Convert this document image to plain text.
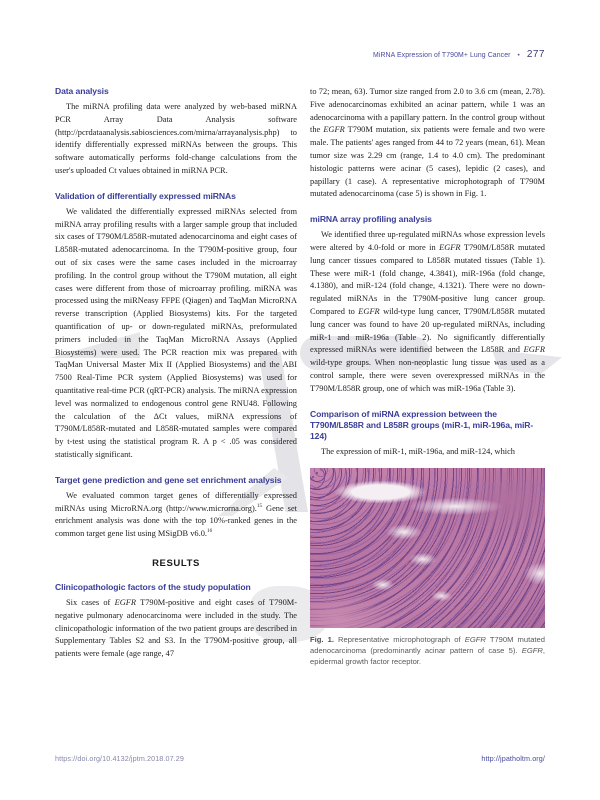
MiRNA Expression of T790M+ Lung Cancer • 277
Data analysis

The miRNA profiling data were analyzed by web-based miRNA PCR Array Data Analysis software (http://pcrdataanalysis.sabiosciences.com/mirna/arrayanalysis.php) to identify differentially expressed miRNAs between the groups. This software automatically performs fold-change calculations from the user's uploaded Ct values obtained in miRNA PCR.

Validation of differentially expressed miRNAs

We validated the differentially expressed miRNAs selected from miRNA array profiling results with a larger sample group that included six cases of T790M/L858R-mutated adenocarcinoma and eight cases of L858R-mutated adenocarcinoma. In the T790M-positive group, four out of six cases were the same cases included in the microarray profiling. In the control group without the T790M mutation, all eight cases were different from those of microarray profiling. miRNA was processed using the miRNeasy FFPE (Qiagen) and TaqMan MicroRNA reverse transcription (Applied Biosystems) kits. For the targeted quantification of up- or down-regulated miRNAs, preformulated primers included in the TaqMan MicroRNA Assays (Applied Biosystems) were used. The PCR reaction mix was prepared with TaqMan Universal Master Mix II (Applied Biosystems) and the ABI 7500 Real-Time PCR system (Applied Biosystems) was used for quantitative real-time PCR (qRT-PCR) analysis. The miRNA expression level was normalized to endogenous control gene RNU48. Following the calculation of the ΔCt values, miRNA expressions of T790M/L858R-mutated and L858R-mutated samples were compared by t-test using the statistical program R. A p < .05 was considered statistically significant.

Target gene prediction and gene set enrichment analysis

We evaluated common target genes of differentially expressed miRNAs using MicroRNA.org (http://www.microrna.org).$^{15}$ Gene set enrichment analysis was done with the top 10%-ranked genes in the common target gene list using MSigDB v6.0.16

RESULTS
Clinicopathologic factors of the study population

Six cases of EGFR T790M-positive and eight cases of T790M-negative pulmonary adenocarcinoma were included in the study. The clinicopathologic information of the two patient groups are described in Supplementary Tables S2 and S3. In the T790M-positive group, all patients were female (age range, 47

to 72; mean, 63). Tumor size ranged from 2.0 to 3.6 cm (mean, 2.78). Five adenocarcinomas exhibited an acinar pattern, while 1 was an adenocarcinoma with a papillary pattern. In the control group without the EGFR T790M mutation, six patients were female and two were male. The patients' ages ranged from 44 to 72 years (mean, 61). Mean tumor size was 2.29 cm (range, 1.4 to 4.0 cm). The predominant histologic patterns were acinar (5 cases), lepidic (2 cases), and papillary (1 case). A representative microphotograph of T790M mutated adenocarcinoma (case 5) is shown in Fig. 1.

miRNA array profiling analysis

We identified three up-regulated miRNAs whose expression levels were altered by 4.0-fold or more in EGFR T790M/L858R mutated lung cancer tissues compared to L858R mutated tissues (Table 1). These were miR-1 (fold change, 4.3841), miR-196a (fold change, 4.1380), and miR-124 (fold change, 4.1321). There were no down-regulated miRNAs in the T790M-positive lung cancer group. Compared to EGFR wild-type lung cancer, T790M/L858R mutated lung cancer was found to have 20 up-regulated miRNAs, including miR-1 and miR-196a (Table 2). No significantly differentially expressed miRNAs were identified between the L858R and EGFR wild-type groups. When non-neoplastic lung tissue was used as a control sample, there were seven overexpressed miRNAs in the T790M/L858R group, one of which was miR-196a (Table 3).

Comparison of miRNA expression between the T790M/L858R and L858R groups (miR-1, miR-196a, miR-124)

The expression of miR-1, miR-196a, and miR-124, which

Fig. 1. Representative microphotograph of EGFR T790M mutated adenocarcinoma (predominantly acinar pattern of case 5). EGFR, epidermal growth factor receptor.
https://doi.org/10.4132/jptm.2018.07.29	http://jpatholtm.org/
